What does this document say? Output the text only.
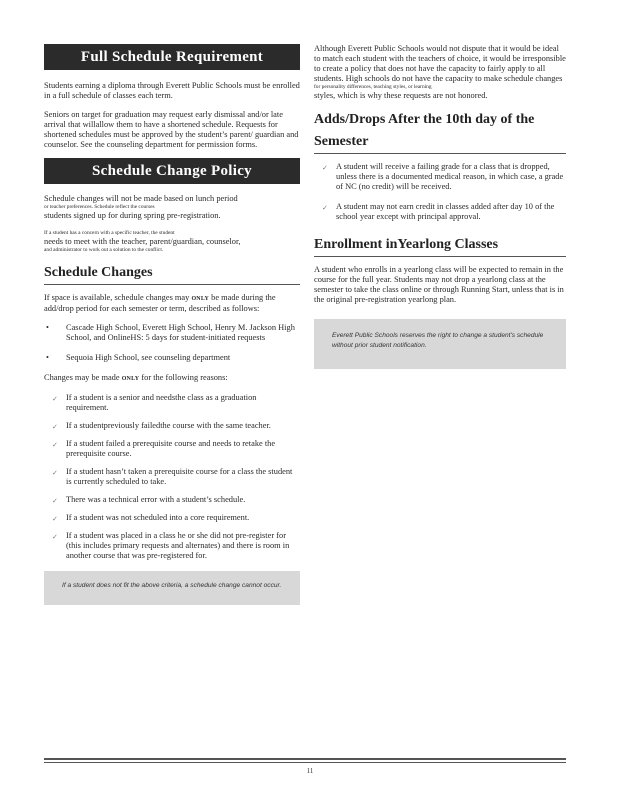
Full Schedule Requirement

Students earning a diploma through Everett Public Schools must be enrolled in a full schedule of classes each term.

Seniors on target for graduation may request early dismissal and/or late arrival that willallow them to have a shortened schedule. Requests for shortened schedules must be approved by the student’s parent/ guardian and counselor. See the counseling department for permission forms.

Schedule Change Policy

Schedule changes will not be made based on lunch period

or teacher preferences. Schedule reflect the courses

students signed up for during spring pre-registration.

If a student has a concern with a specific teacher, the student

needs to meet with the teacher, parent/guardian, counselor,

and administrator to work out a solution to the conflict.

Schedule Changes

If space is available, schedule changes may ONLY be made during the add/drop period for each semester or term, described as follows:

• Cascade High School, Everett High School, Henry M. Jackson High School, and OnlineHS: 5 days for student-initiated requests
• Sequoia High School, see counseling department

Changes may be made ONLY for the following reasons:

✓ If a student is a senior and needsthe class as a graduation requirement.
✓ If a studentpreviously failedthe course with the same teacher.
✓ If a student failed a prerequisite course and needs to retake the prerequisite course.
✓ If a student hasn’t taken a prerequisite course for a class the student is currently scheduled to take.
✓ There was a technical error with a student’s schedule.
✓ If a student was not scheduled into a core requirement.
✓ If a student was placed in a class he or she did not pre-register for (this includes primary requests and alternates) and there is room in another course that was pre-registered for.
If a student does not fit the above criteria, a schedule change cannot occur.

Although Everett Public Schools would not dispute that it would be ideal to match each student with the teachers of choice, it would be irresponsible to create a policy that does not have the capacity to fairly apply to all students. High schools do not have the capacity to make schedule changes

for personality differences, teaching styles, or learning

styles, which is why these requests are not honored.

Adds/Drops After the 10th day of the Semester
✓ A student will receive a failing grade for a class that is dropped, unless there is a documented medical reason, in which case, a grade of NC (no credit) will be received.
✓ A student may not earn credit in classes added after day 10 of the school year except with principal approval.
Enrollment inYearlong Classes

A student who enrolls in a yearlong class will be expected to remain in the course for the full year. Students may not drop a yearlong class at the semester to take the class online or through Running Start, unless that is in the original pre-registration yearlong plan.

Everett Public Schools reserves the right to change a student's schedule without prior student notification.
11
